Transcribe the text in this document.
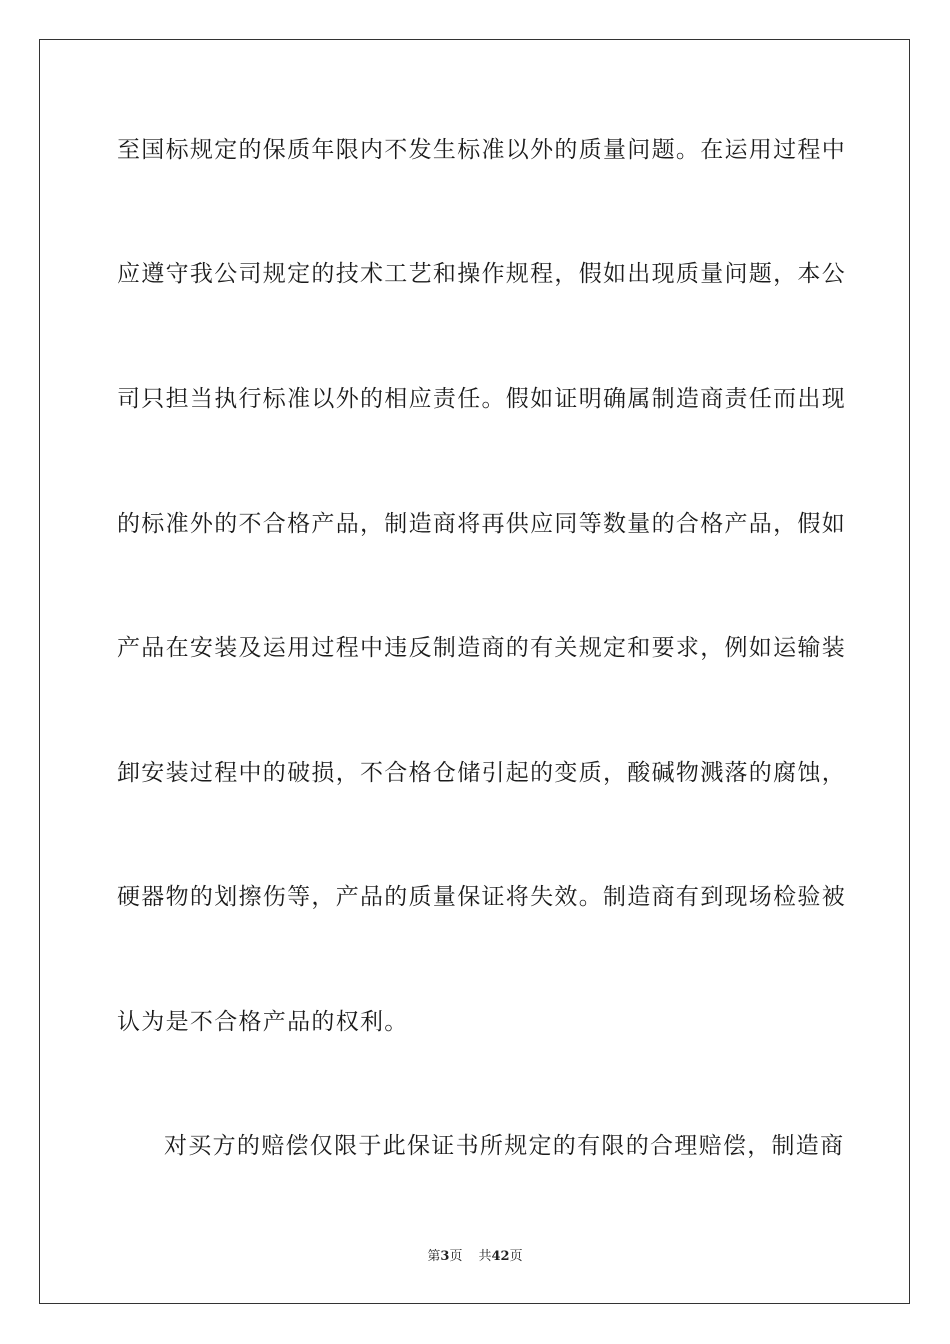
至国标规定的保质年限内不发生标准以外的质量问题。在运用过程中
应遵守我公司规定的技术工艺和操作规程，假如出现质量问题，本公
司只担当执行标准以外的相应责任。假如证明确属制造商责任而出现
的标准外的不合格产品，制造商将再供应同等数量的合格产品，假如
产品在安装及运用过程中违反制造商的有关规定和要求，例如运输装
卸安装过程中的破损，不合格仓储引起的变质，酸碱物溅落的腐蚀，
硬器物的划擦伤等，产品的质量保证将失效。制造商有到现场检验被
认为是不合格产品的权利。
对买方的赔偿仅限于此保证书所规定的有限的合理赔偿，制造商
第3页 共42页
